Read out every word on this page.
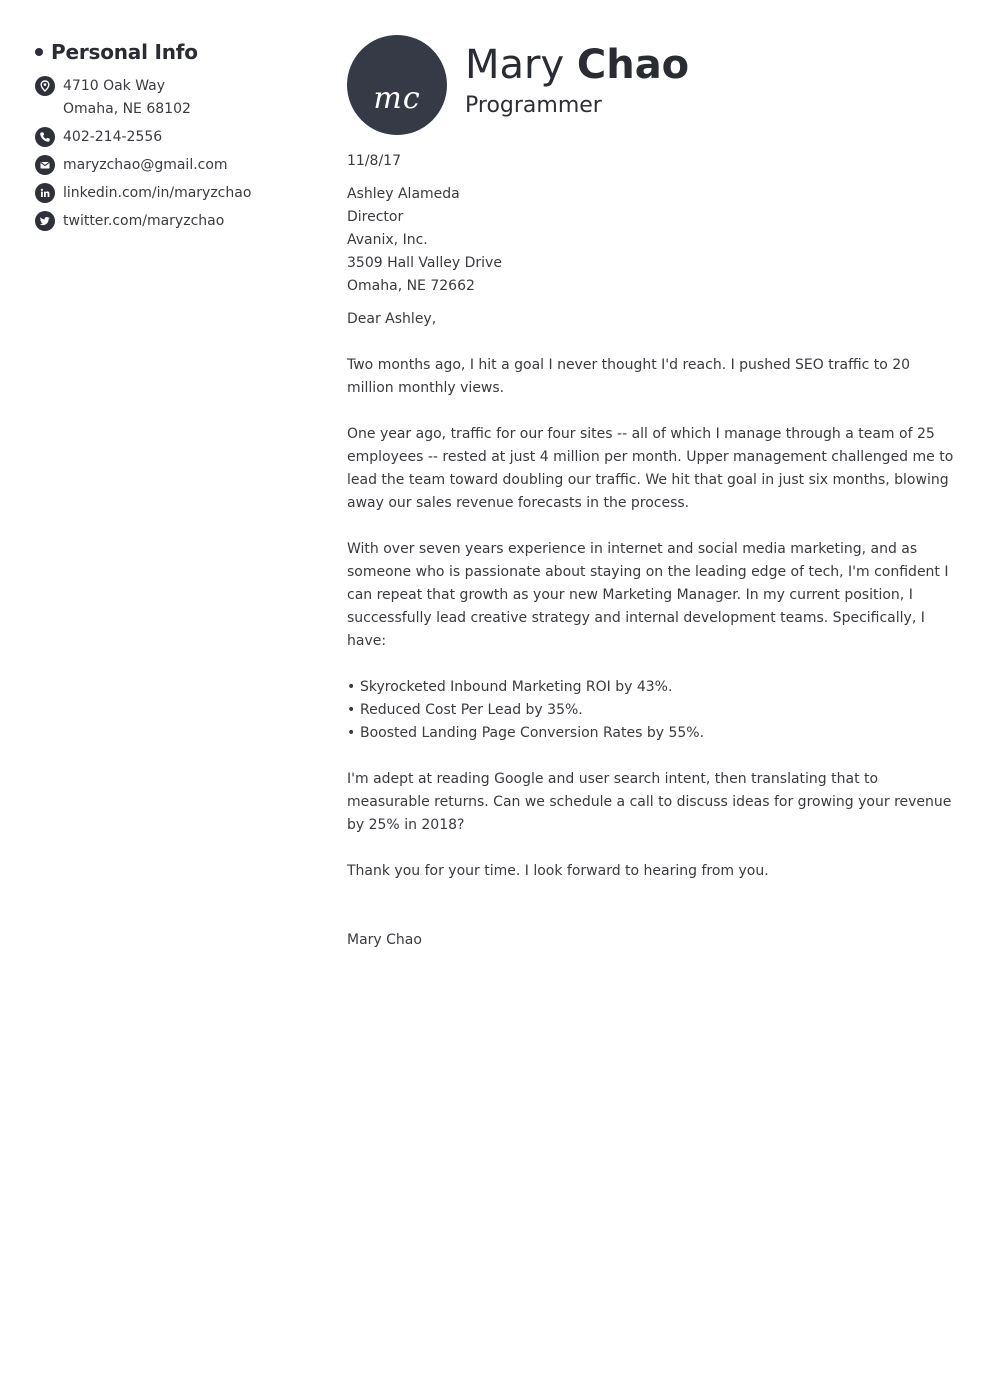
Personal Info
4710 Oak Way
Omaha, NE 68102
402-214-2556
maryzchao@gmail.com
linkedin.com/in/maryzchao
twitter.com/maryzchao
mc
Mary Chao
Programmer

11/8/17

Ashley Alameda
Director
Avanix, Inc.
3509 Hall Valley Drive
Omaha, NE 72662

Dear Ashley,

Two months ago, I hit a goal I never thought I'd reach. I pushed SEO traffic to 20 million monthly views.

One year ago, traffic for our four sites -- all of which I manage through a team of 25 employees -- rested at just 4 million per month. Upper management challenged me to lead the team toward doubling our traffic. We hit that goal in just six months, blowing away our sales revenue forecasts in the process.

With over seven years experience in internet and social media marketing, and as someone who is passionate about staying on the leading edge of tech, I'm confident I can repeat that growth as your new Marketing Manager. In my current position, I successfully lead creative strategy and internal development teams. Specifically, I have:

• Skyrocketed Inbound Marketing ROI by 43%.
• Reduced Cost Per Lead by 35%.
• Boosted Landing Page Conversion Rates by 55%.

I'm adept at reading Google and user search intent, then translating that to measurable returns. Can we schedule a call to discuss ideas for growing your revenue by 25% in 2018?

Thank you for your time. I look forward to hearing from you.

Mary Chao
